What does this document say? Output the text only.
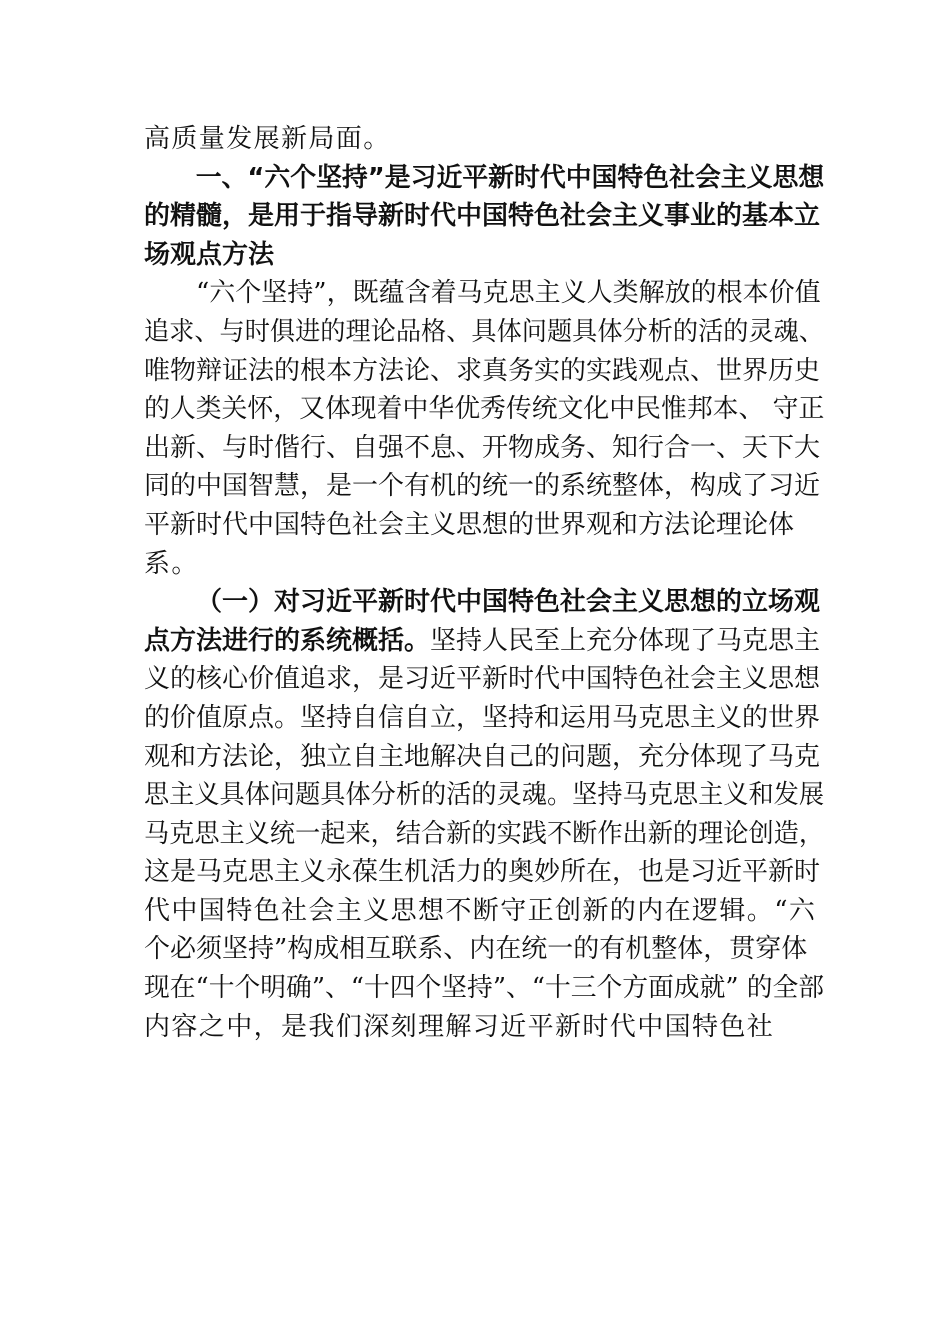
高质量发展新局面。
一、“六个坚持”是习近平新时代中国特色社会主义思想
的精髓，是用于指导新时代中国特色社会主义事业的基本立
场观点方法
“六个坚持”，既蕴含着马克思主义人类解放的根本价值
追求、与时俱进的理论品格、具体问题具体分析的活的灵魂、
唯物辩证法的根本方法论、求真务实的实践观点、世界历史
的人类关怀，又体现着中华优秀传统文化中民惟邦本、 守正
出新、与时偕行、自强不息、开物成务、知行合一、天下大
同的中国智慧，是一个有机的统一的系统整体，构成了习近
平新时代中国特色社会主义思想的世界观和方法论理论体
系。
（一）对习近平新时代中国特色社会主义思想的立场观
点方法进行的系统概括。坚持人民至上充分体现了马克思主
义的核心价值追求，是习近平新时代中国特色社会主义思想
的价值原点。坚持自信自立，坚持和运用马克思主义的世界
观和方法论，独立自主地解决自己的问题，充分体现了马克
思主义具体问题具体分析的活的灵魂。坚持马克思主义和发展
马克思主义统一起来，结合新的实践不断作出新的理论创造，
这是马克思主义永葆生机活力的奥妙所在，也是习近平新时
代中国特色社会主义思想不断守正创新的内在逻辑。“六
个必须坚持”构成相互联系、内在统一的有机整体，贯穿体
现在“十个明确”、“十四个坚持”、“十三个方面成就” 的全部
内容之中，是我们深刻理解习近平新时代中国特色社
